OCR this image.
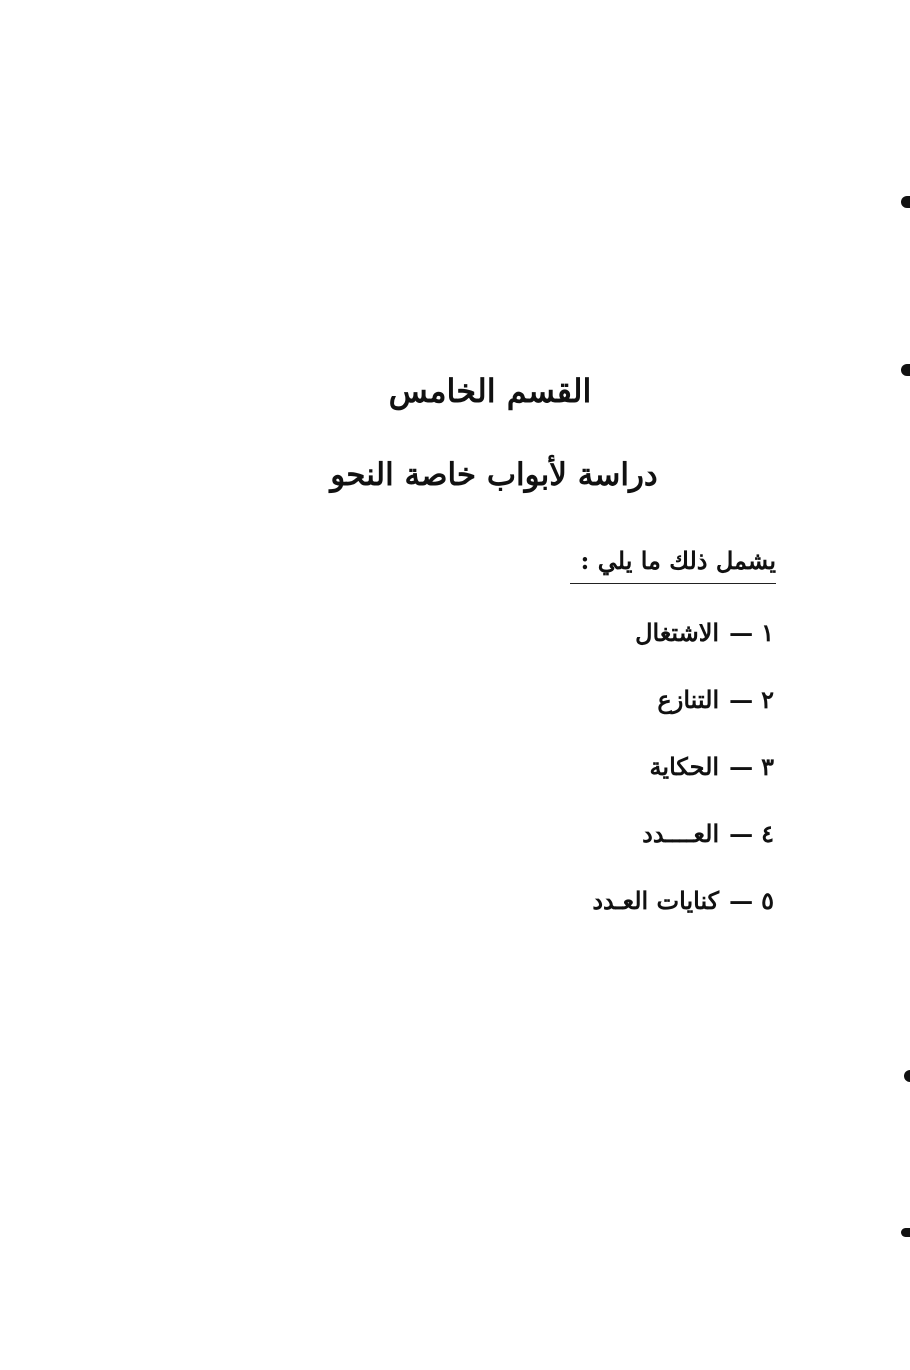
القسم الخامس
دراسة لأبواب خاصة النحو
يشمل ذلك ما يلي :
١—الاشتغال
٢—التنازع
٣—الحكاية
٤—العــــدد
٥—كنايات العـدد
